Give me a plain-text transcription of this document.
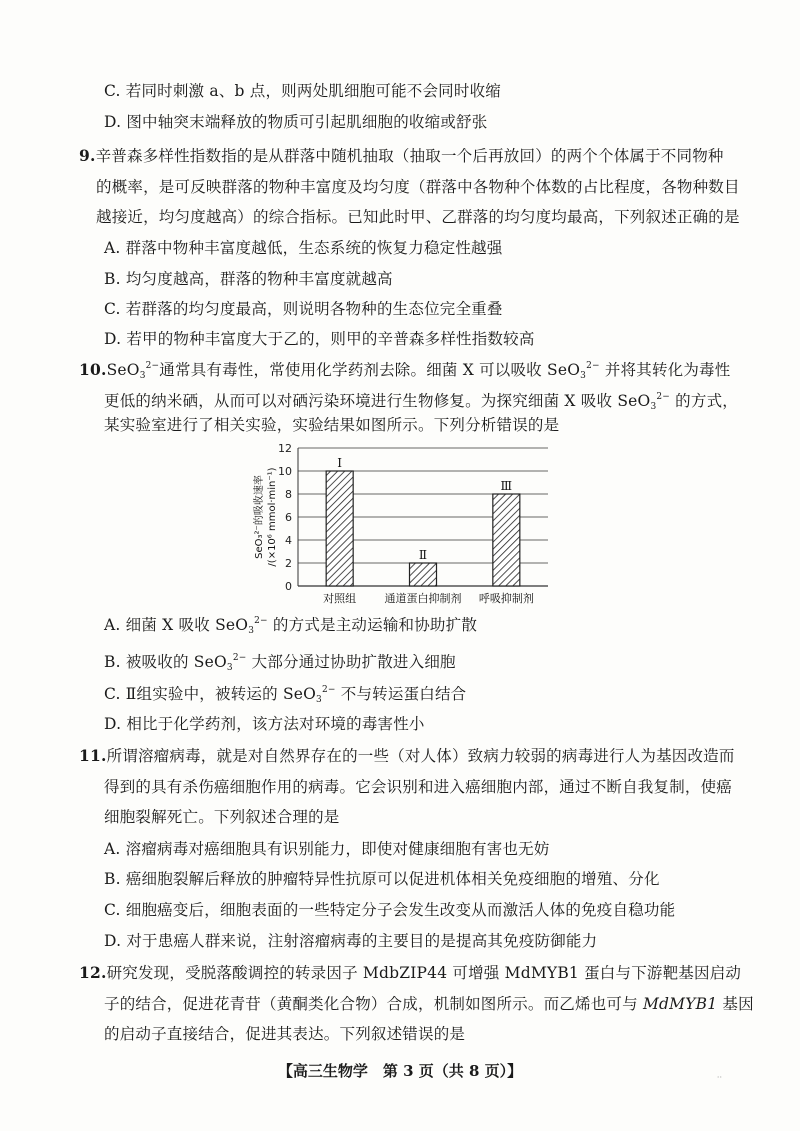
C. 若同时刺激 a、b 点，则两处肌细胞可能不会同时收缩
D. 图中轴突末端释放的物质可引起肌细胞的收缩或舒张
9.辛普森多样性指数指的是从群落中随机抽取（抽取一个后再放回）的两个个体属于不同物种
的概率，是可反映群落的物种丰富度及均匀度（群落中各物种个体数的占比程度，各物种数目
越接近，均匀度越高）的综合指标。已知此时甲、乙群落的均匀度均最高，下列叙述正确的是
A. 群落中物种丰富度越低，生态系统的恢复力稳定性越强
B. 均匀度越高，群落的物种丰富度就越高
C. 若群落的均匀度最高，则说明各物种的生态位完全重叠
D. 若甲的物种丰富度大于乙的，则甲的辛普森多样性指数较高
10.SeO$_3^{2-}$通常具有毒性，常使用化学药剂去除。细菌 X 可以吸收 SeO$_3^{2-}$ 并将其转化为毒性
更低的纳米硒，从而可以对硒污染环境进行生物修复。为探究细菌 X 吸收 SeO$_3^{2-}$ 的方式，
某实验室进行了相关实验，实验结果如图所示。下列分析错误的是
0
2
4
6
8
10
12
Ⅰ
对照组
Ⅱ
通道蛋白抑制剂
Ⅲ
呼吸抑制剂
SeO₃²⁻的吸收速率 /(×10⁶ mmol·min⁻¹)
A. 细菌 X 吸收 SeO$_3^{2-}$ 的方式是主动运输和协助扩散
B. 被吸收的 SeO$_3^{2-}$ 大部分通过协助扩散进入细胞
C. Ⅱ组实验中，被转运的 SeO$_3^{2-}$ 不与转运蛋白结合
D. 相比于化学药剂，该方法对环境的毒害性小
11.所谓溶瘤病毒，就是对自然界存在的一些（对人体）致病力较弱的病毒进行人为基因改造而
得到的具有杀伤癌细胞作用的病毒。它会识别和进入癌细胞内部，通过不断自我复制，使癌
细胞裂解死亡。下列叙述合理的是
A. 溶瘤病毒对癌细胞具有识别能力，即使对健康细胞有害也无妨
B. 癌细胞裂解后释放的肿瘤特异性抗原可以促进机体相关免疫细胞的增殖、分化
C. 细胞癌变后，细胞表面的一些特定分子会发生改变从而激活人体的免疫自稳功能
D. 对于患癌人群来说，注射溶瘤病毒的主要目的是提高其免疫防御能力
12.研究发现，受脱落酸调控的转录因子 MdbZIP44 可增强 MdMYB1 蛋白与下游靶基因启动
子的结合，促进花青苷（黄酮类化合物）合成，机制如图所示。而乙烯也可与 MdMYB1 基因
的启动子直接结合，促进其表达。下列叙述错误的是
【高三生物学　第 3 页（共 8 页）】	··
